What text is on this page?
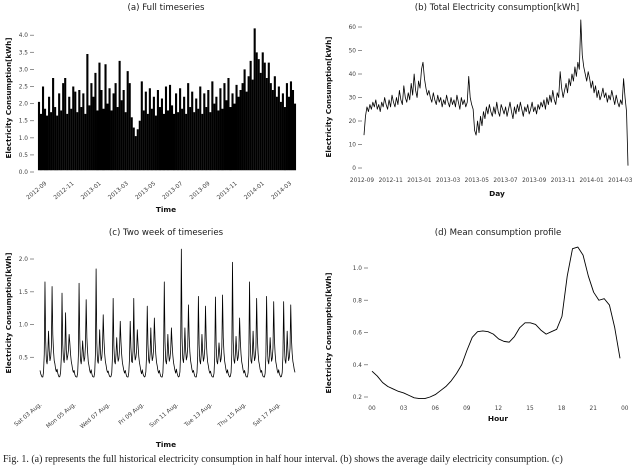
(a) Full timeseries
Electricity Consumption[kWh]
Time
0.0
0.5
1.0
1.5
2.0
2.5
3.0
3.5
4.0
2012-09 2012-11 2013-01 2013-03 2013-05 2013-07 2013-09 2013-11 2014-01 2014-03
(b) Total Electricity consumption[kWh]
Electricity Consumption[kWh]
Day
0
10
20
30
40
50
60
2012-09 2012-11 2013-01 2013-03 2013-05 2013-07 2013-09 2013-11 2014-01 2014-03
(c) Two week of timeseries
Electricity Consumption[kWh]
Time
0.5
1.0
1.5
2.0
Sat 03 Aug. Mon 05 Aug. Wed 07 Aug. Fri 09 Aug. Sun 11 Aug. Tue 13 Aug. Thu 15 Aug. Sat 17 Aug.
(d) Mean consumption profile
Electricity Consumption[kWh]
Hour
0.2
0.4
0.6
0.8
1.0
00	03	06	09	12	15	18	21	00
Fig. 1. (a) represents the full historical electricity consumption in half hour interval. (b) shows the average daily electricity consumption. (c)
